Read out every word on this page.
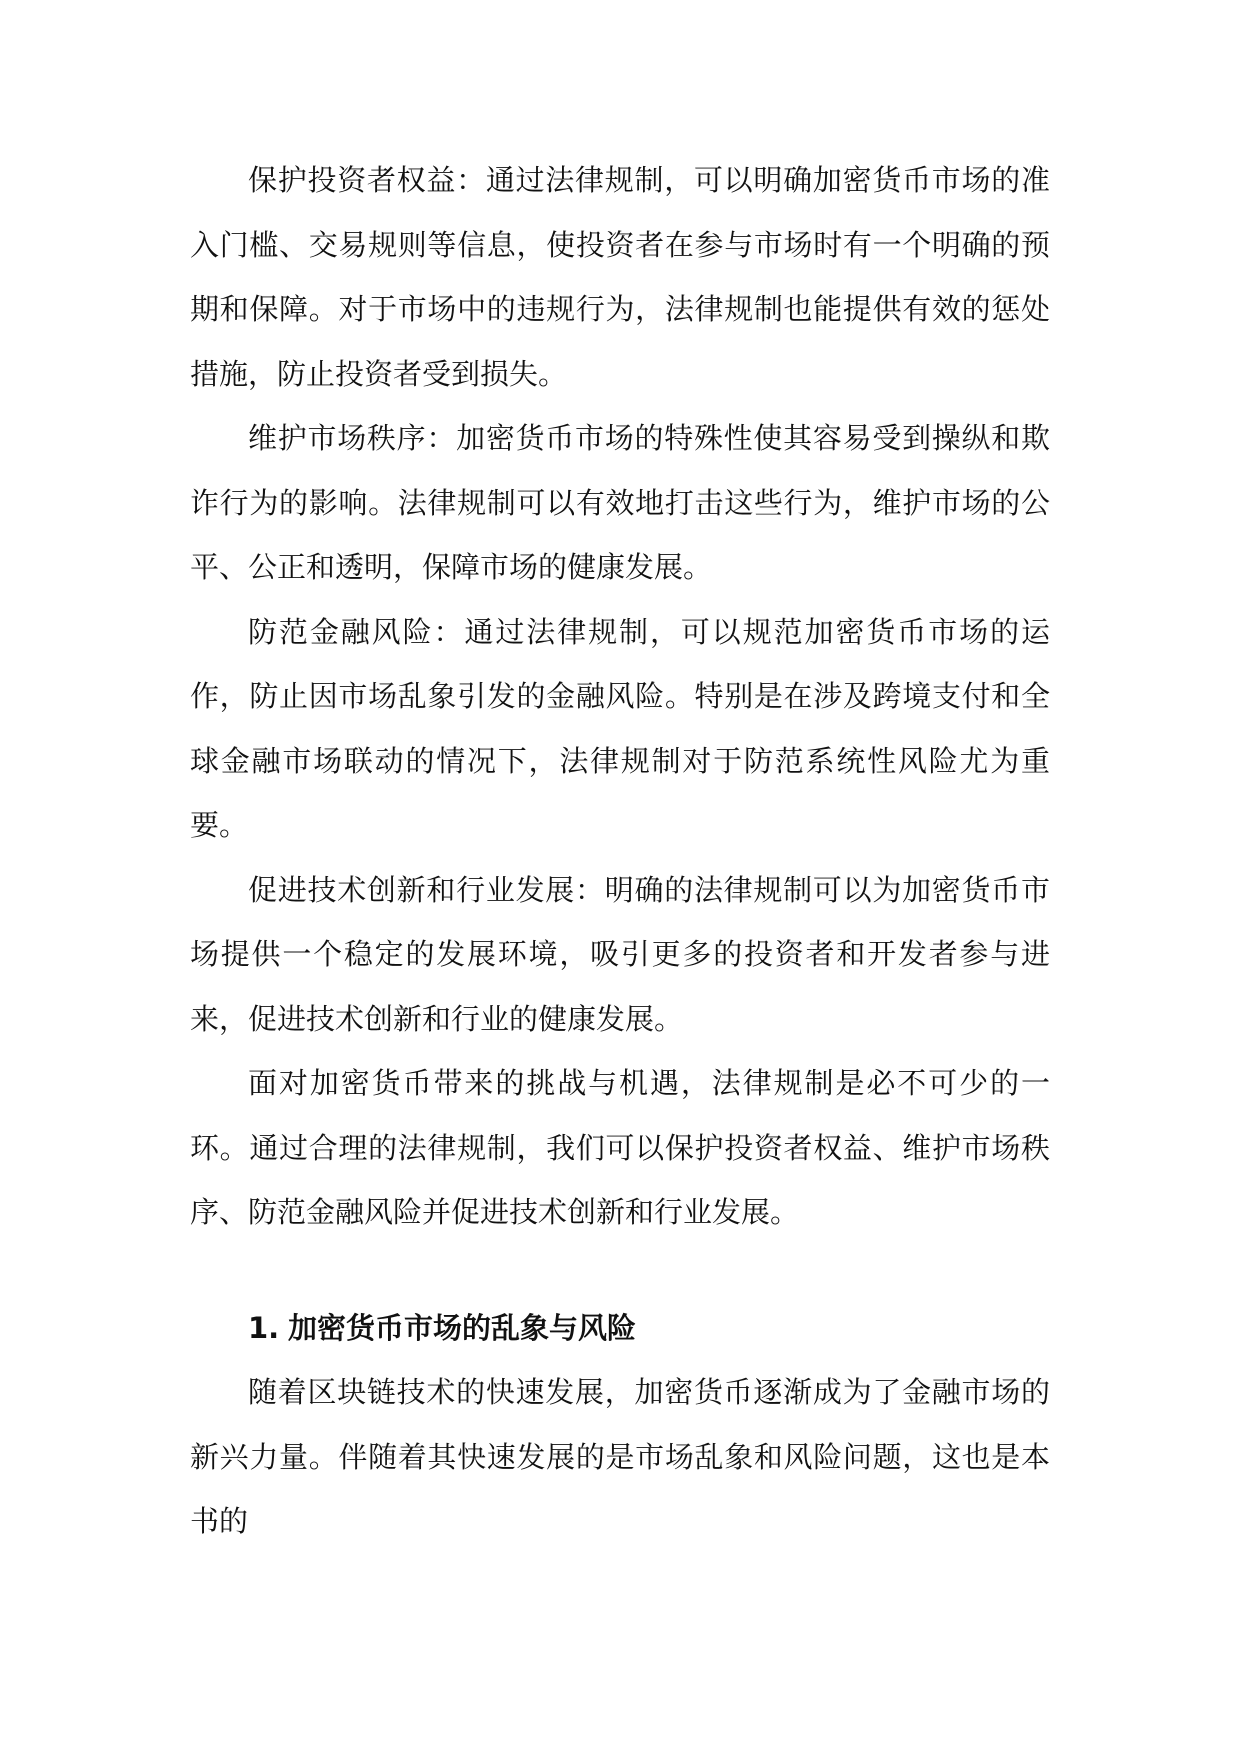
保护投资者权益：通过法律规制，可以明确加密货币市场的准入门槛、交易规则等信息，使投资者在参与市场时有一个明确的预期和保障。对于市场中的违规行为，法律规制也能提供有效的惩处措施，防止投资者受到损失。

维护市场秩序：加密货币市场的特殊性使其容易受到操纵和欺诈行为的影响。法律规制可以有效地打击这些行为，维护市场的公平、公正和透明，保障市场的健康发展。

防范金融风险：通过法律规制，可以规范加密货币市场的运作，防止因市场乱象引发的金融风险。特别是在涉及跨境支付和全球金融市场联动的情况下，法律规制对于防范系统性风险尤为重要。

促进技术创新和行业发展：明确的法律规制可以为加密货币市场提供一个稳定的发展环境，吸引更多的投资者和开发者参与进来，促进技术创新和行业的健康发展。

面对加密货币带来的挑战与机遇，法律规制是必不可少的一环。通过合理的法律规制，我们可以保护投资者权益、维护市场秩序、防范金融风险并促进技术创新和行业发展。

1. 加密货币市场的乱象与风险

随着区块链技术的快速发展，加密货币逐渐成为了金融市场的新兴力量。伴随着其快速发展的是市场乱象和风险问题，这也是本书的
